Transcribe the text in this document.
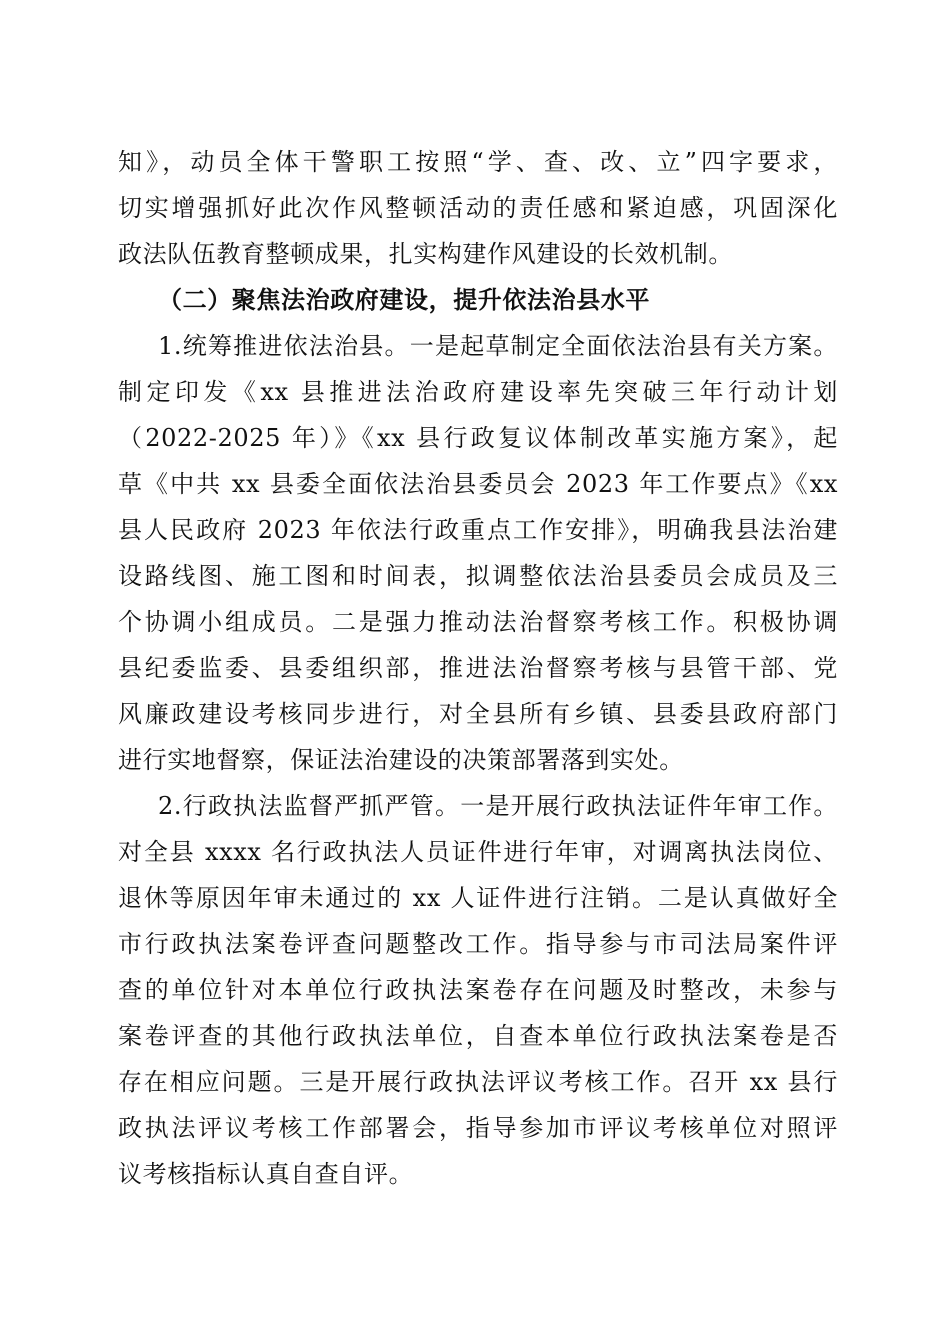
知》，动员全体干警职工按照“学、查、改、立”四字要求，
切实增强抓好此次作风整顿活动的责任感和紧迫感，巩固深化
政法队伍教育整顿成果，扎实构建作风建设的长效机制。
（二）聚焦法治政府建设，提升依法治县水平
1.统筹推进依法治县。一是起草制定全面依法治县有关方案。
制定印发《xx 县推进法治政府建设率先突破三年行动计划
（2022-2025 年）》《xx 县行政复议体制改革实施方案》，起
草《中共 xx 县委全面依法治县委员会 2023 年工作要点》《xx
县人民政府 2023 年依法行政重点工作安排》，明确我县法治建
设路线图、施工图和时间表，拟调整依法治县委员会成员及三
个协调小组成员。二是强力推动法治督察考核工作。积极协调
县纪委监委、县委组织部，推进法治督察考核与县管干部、党
风廉政建设考核同步进行，对全县所有乡镇、县委县政府部门
进行实地督察，保证法治建设的决策部署落到实处。
2.行政执法监督严抓严管。一是开展行政执法证件年审工作。
对全县 xxxx 名行政执法人员证件进行年审，对调离执法岗位、
退休等原因年审未通过的 xx 人证件进行注销。二是认真做好全
市行政执法案卷评查问题整改工作。指导参与市司法局案件评
查的单位针对本单位行政执法案卷存在问题及时整改，未参与
案卷评查的其他行政执法单位，自查本单位行政执法案卷是否
存在相应问题。三是开展行政执法评议考核工作。召开 xx 县行
政执法评议考核工作部署会，指导参加市评议考核单位对照评
议考核指标认真自查自评。
